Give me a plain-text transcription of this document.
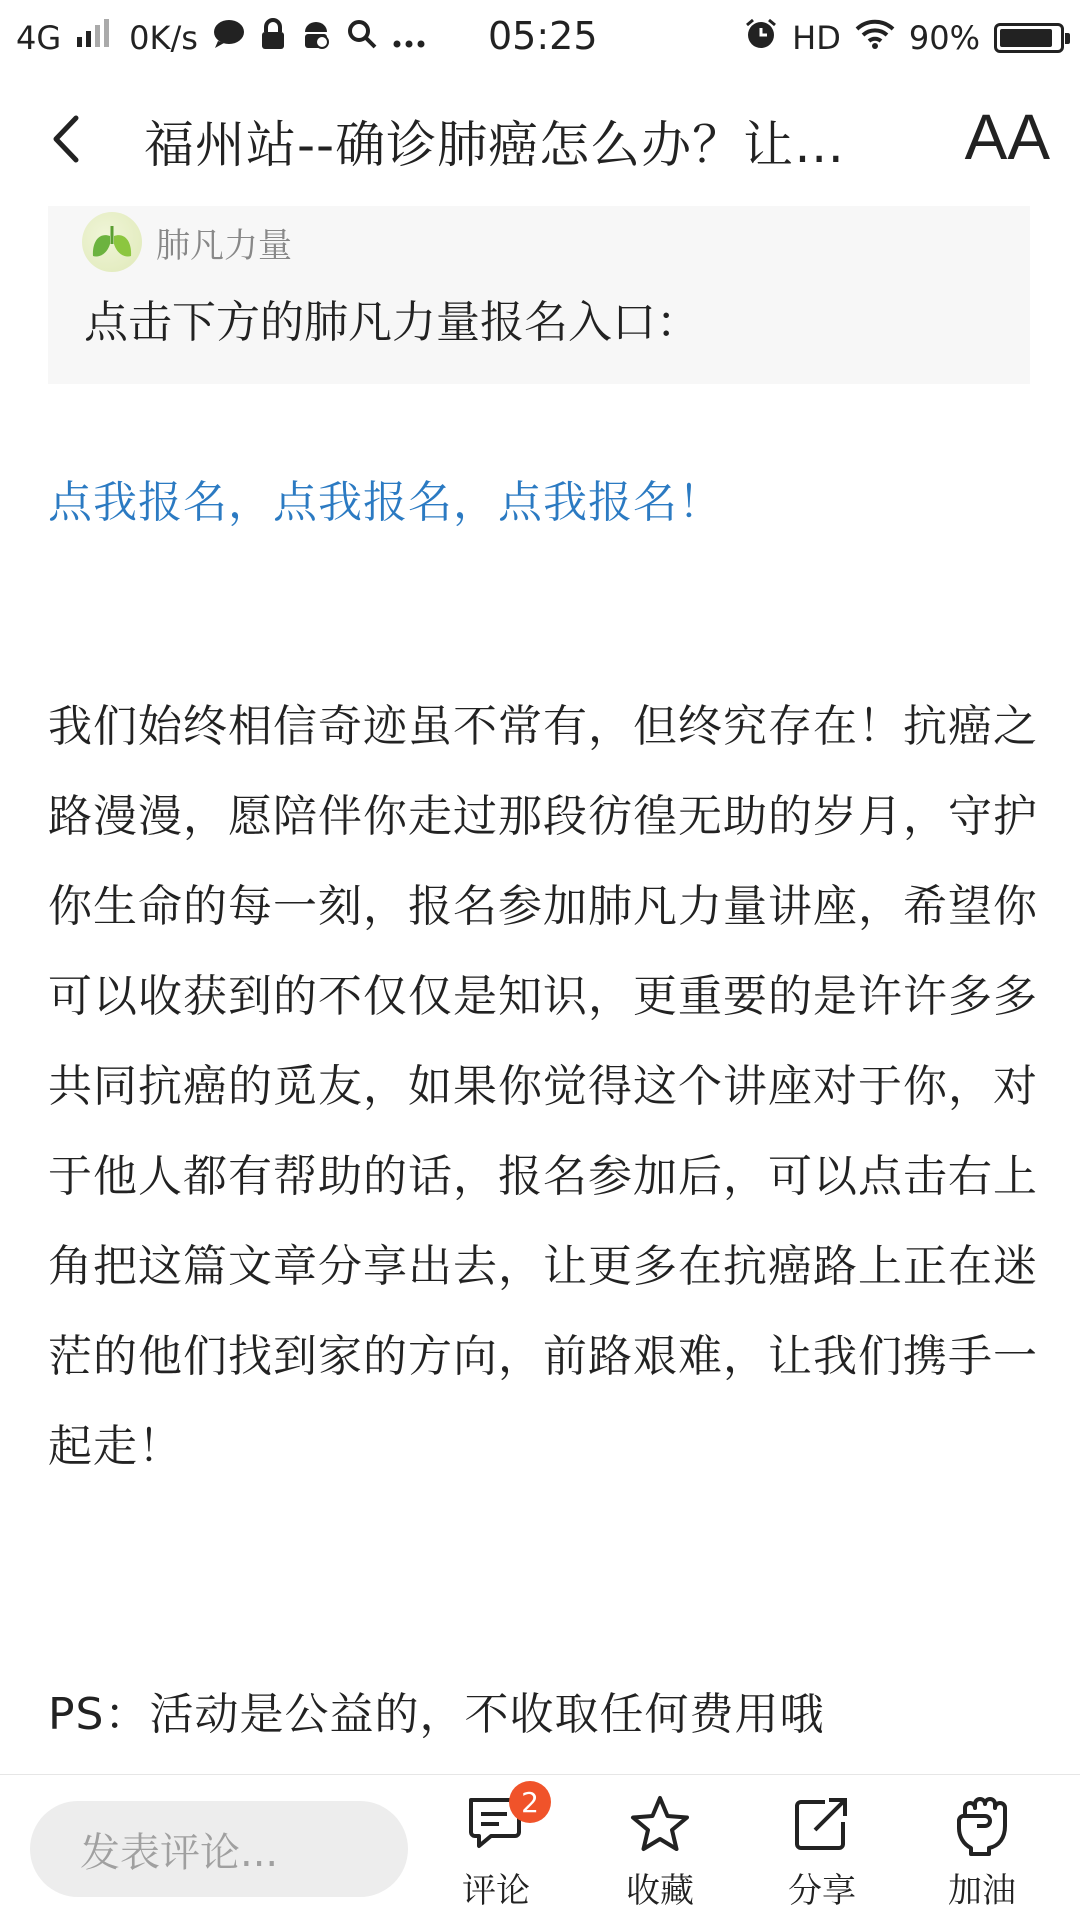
4G 0K/s	05:25	HD 90%
福州站--确诊肺癌怎么办？让…	AA
肺凡力量
点击下方的肺凡力量报名入口：
点我报名，点我报名，点我报名！
我们始终相信奇迹虽不常有，但终究存在！抗癌之路漫漫，愿陪伴你走过那段彷徨无助的岁月，守护你生命的每一刻，报名参加肺凡力量讲座，希望你可以收获到的不仅仅是知识，更重要的是许许多多共同抗癌的觅友，如果你觉得这个讲座对于你，对于他人都有帮助的话，报名参加后，可以点击右上角把这篇文章分享出去，让更多在抗癌路上正在迷茫的他们找到家的方向，前路艰难，让我们携手一起走！
PS：活动是公益的，不收取任何费用哦
发表评论...
2
评论	收藏	分享	加油
